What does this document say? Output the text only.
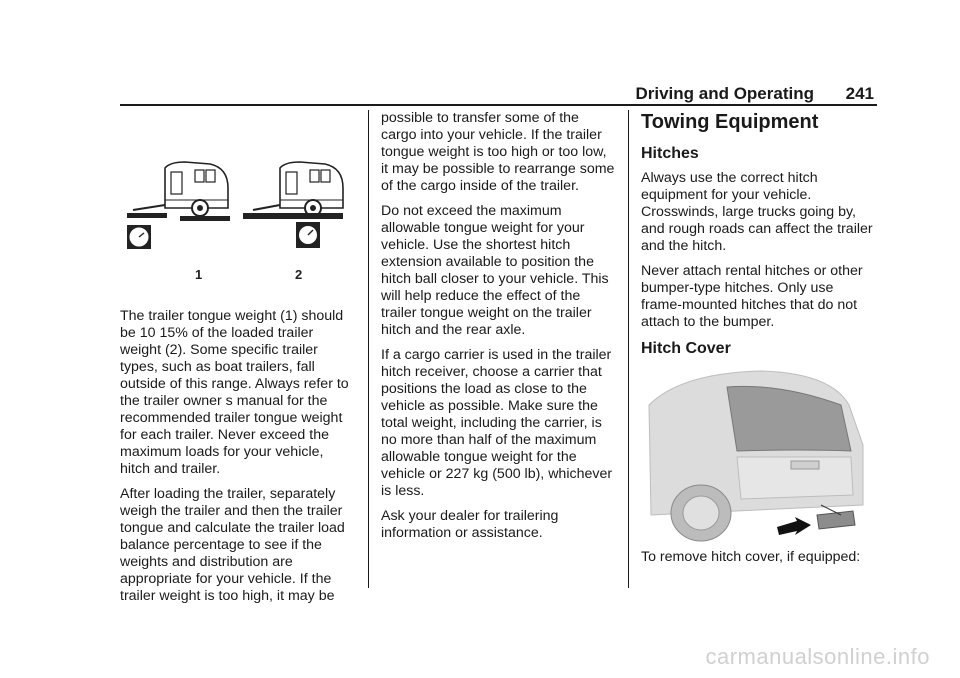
Driving and Operating 241
1	2

The trailer tongue weight (1) should be 10 15% of the loaded trailer weight (2). Some specific trailer types, such as boat trailers, fall outside of this range. Always refer to the trailer owner s manual for the recommended trailer tongue weight for each trailer. Never exceed the maximum loads for your vehicle, hitch and trailer.

After loading the trailer, separately weigh the trailer and then the trailer tongue and calculate the trailer load balance percentage to see if the weights and distribution are appropriate for your vehicle. If the trailer weight is too high, it may be

possible to transfer some of the cargo into your vehicle. If the trailer tongue weight is too high or too low, it may be possible to rearrange some of the cargo inside of the trailer.

Do not exceed the maximum allowable tongue weight for your vehicle. Use the shortest hitch extension available to position the hitch ball closer to your vehicle. This will help reduce the effect of the trailer tongue weight on the trailer hitch and the rear axle.

If a cargo carrier is used in the trailer hitch receiver, choose a carrier that positions the load as close to the vehicle as possible. Make sure the total weight, including the carrier, is no more than half of the maximum allowable tongue weight for the vehicle or 227 kg (500 lb), whichever is less.

Ask your dealer for trailering information or assistance.

Towing Equipment
Hitches

Always use the correct hitch equipment for your vehicle. Crosswinds, large trucks going by, and rough roads can affect the trailer and the hitch.

Never attach rental hitches or other bumper-type hitches. Only use frame-mounted hitches that do not attach to the bumper.

Hitch Cover

To remove hitch cover, if equipped:

carmanualsonline.info
